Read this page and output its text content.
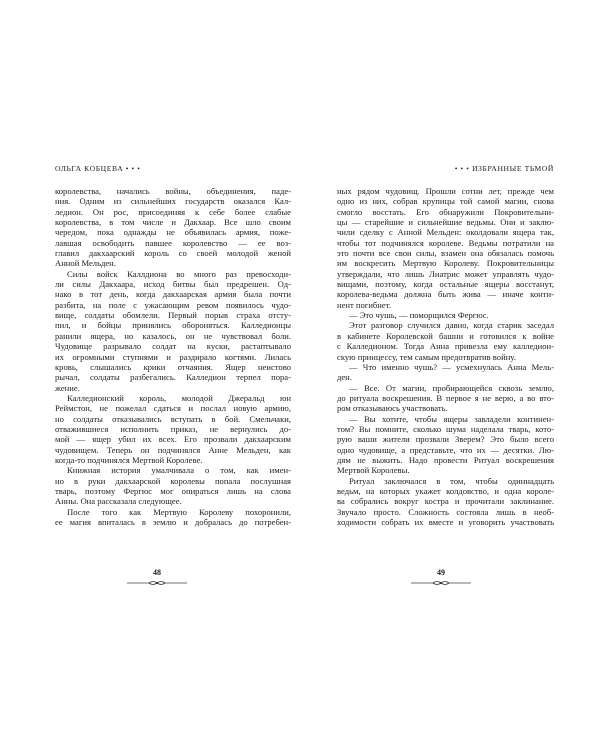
ОЛЬГА КОБЦЕВА • • •
королевства, начались войны, объединения, паде-
ния. Одним из сильнейших государств оказался Кал-
ледион. Он рос, присоединяя к себе более слабые
королевства, в том числе и Дакхаар. Все шло своим
чередом, пока однажды не объявилась армия, поже-
лавшая освободить павшее королевство — ее воз-
главил дакхаарский король со своей молодой женой
Анной Мельден.
Силы войск Каллдиона во много раз превосходи-
ли силы Дакхаара, исход битвы был предрешен. Од-
нако в тот день, когда дакхаарская армия была почти
разбита, на поле с ужасающим ревом появилось чудо-
вище, солдаты обомлели. Первый порыв страха отсту-
пил, и бойцы принялись обороняться. Калледионцы
ранили ящера, но казалось, он не чувствовал боли.
Чудовище разрывало солдат на куски, растаптывало
их огромными ступнями и раздирало когтями. Лилась
кровь, слышались крики отчаяния. Ящер неистово
рычал, солдаты разбегались. Калледион терпел пора-
жение.
Калледионский король, молодой Джеральд юн
Реймстон, не пожелал сдаться и послал новую армию,
но солдаты отказывались вступать в бой. Смельчаки,
отважившиеся исполнить приказ, не вернулись до-
мой — ящер убил их всех. Его прозвали дакхаарским
чудовищем. Теперь он подчинялся Анне Мельден, как
когда-то подчинялся Мертвой Королеве.
Книжная история умалчивала о том, как имен-
но в руки дакхаарской королевы попала послушная
тварь, поэтому Фергюс мог опираться лишь на слова
Анны. Она рассказала следующее.
После того как Мертвую Королеву похоронили,
ее магия впиталась в землю и добралась до потребен-
48
• • • ИЗБРАННЫЕ ТЬМОЙ
ных рядом чудовищ. Прошли сотни лет, прежде чем
одно из них, собрав крупицы той самой магии, снова
смогло восстать. Его обнаружили Покровительни-
цы — старейшие и сильнейшие ведьмы. Они и заклю-
чили сделку с Анной Мельден: околдовали ящера так,
чтобы тот подчинялся королеве. Ведьмы потратили на
это почти все свои силы, взамен она обязалась помочь
им воскресить Мертвую Королеву. Покровительницы
утверждали, что лишь Лиатрис может управлять чудо-
вищами, поэтому, когда остальные ящеры восстанут,
королева-ведьма должна быть жива — иначе конти-
нент погибнет.
— Это чушь, — поморщился Фергюс.
Этот разговор случился давно, когда старик заседал
в кабинете Королевской башни и готовился к войне
с Калледионом. Тогда Анна привезла ему калледион-
скую принцессу, тем самым предотвратив войну.
— Что именно чушь? — усмехнулась Анна Мель-
ден.
— Все. От магии, пробирающейся сквозь землю,
до ритуала воскрешения. В первое я не верю, а во вто-
ром отказываюсь участвовать.
— Вы хотите, чтобы ящеры завладели континен-
том? Вы помните, сколько шума наделала тварь, кото-
рую ваши жители прозвали Зверем? Это было всего
одно чудовище, а представьте, что их — десятки. Лю-
дям не выжить. Надо провести Ритуал воскрешения
Мертвой Королевы.
Ритуал заключался в том, чтобы одиннадцать
ведьм, на которых укажет колдовство, и одна короле-
ва собрались вокруг костра и прочитали заклинание.
Звучало просто. Сложность состояла лишь в необ-
ходимости собрать их вместе и уговорить участвовать
49
